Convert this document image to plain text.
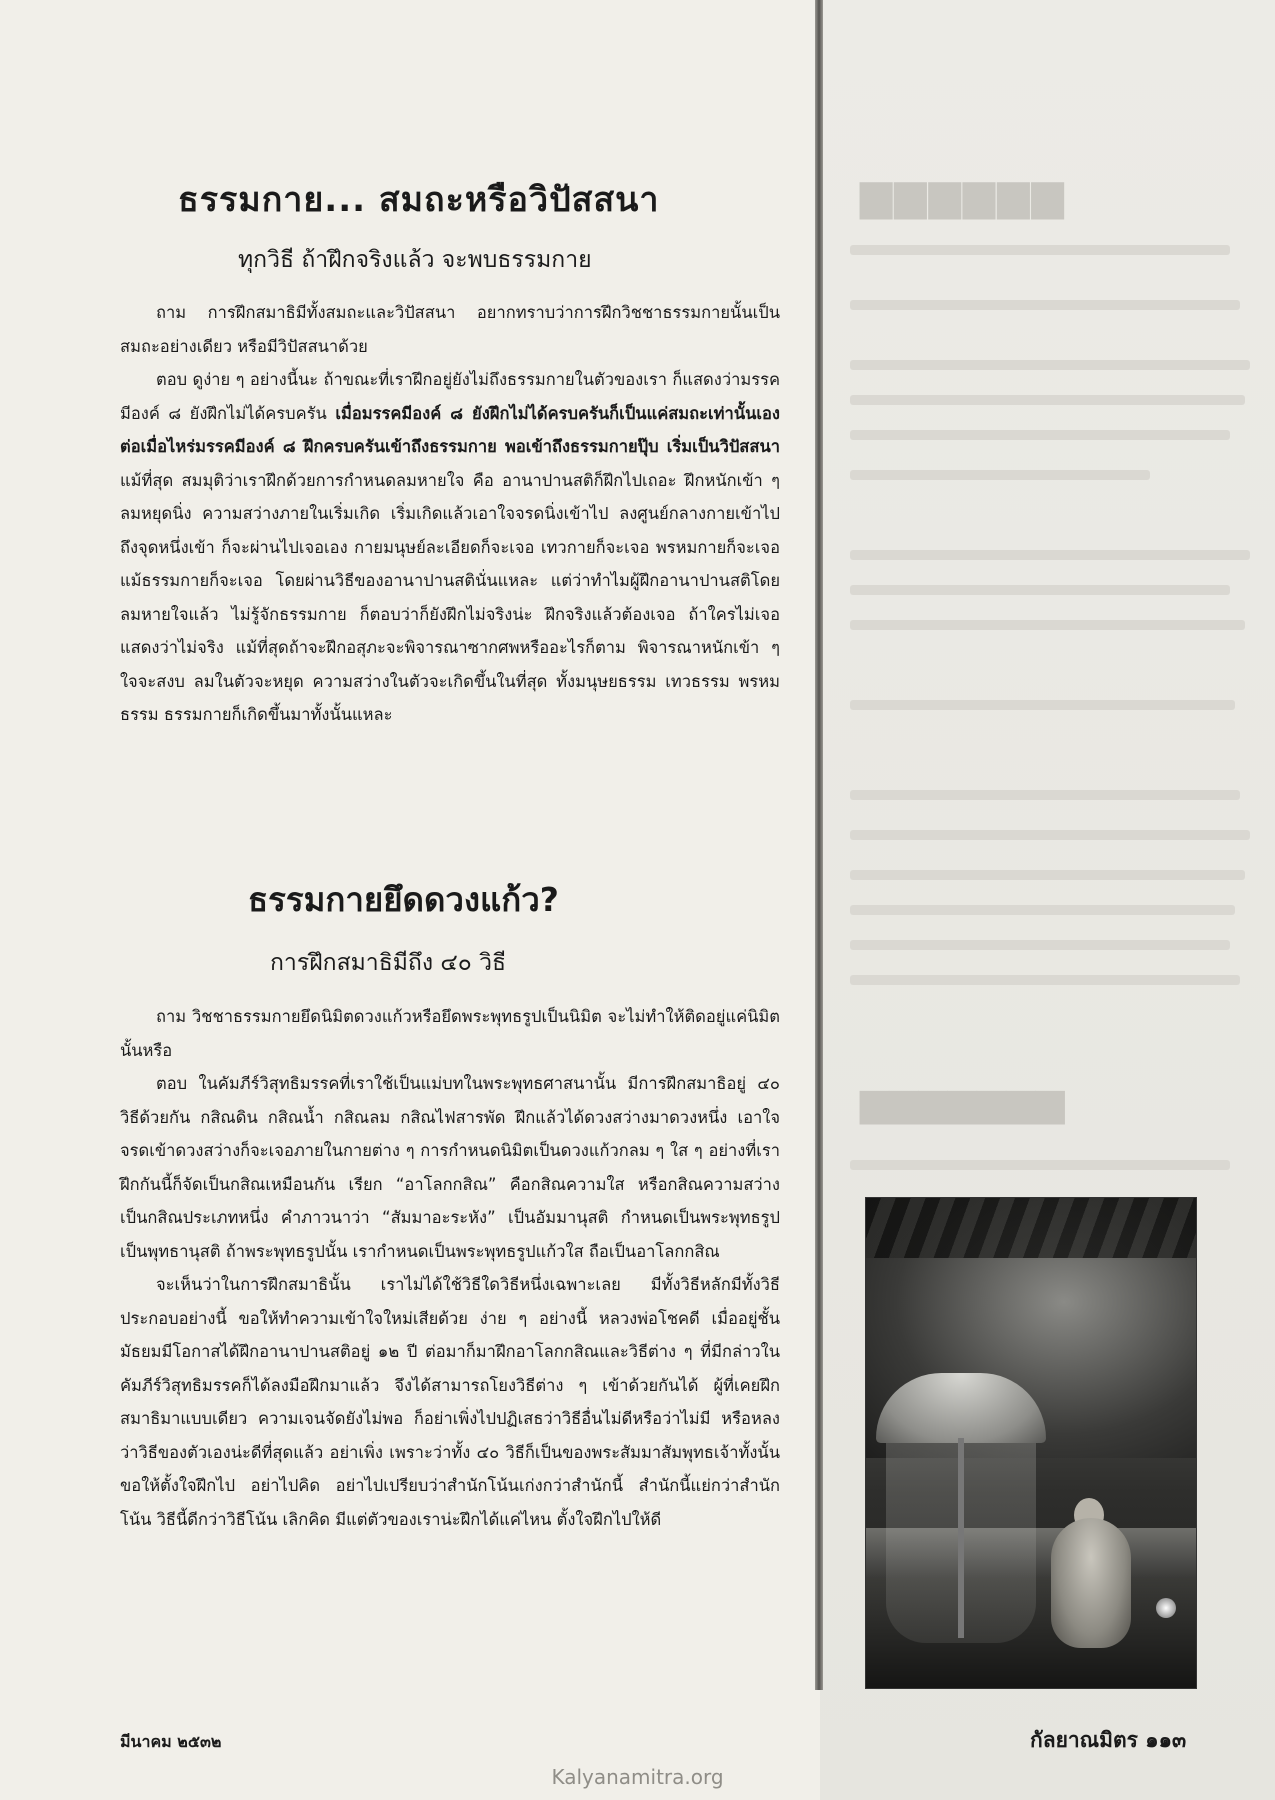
▆▆▆▆▆▆
▆▆▆▆▆▆▆
ธรรมกาย... สมถะหรือวิปัสสนา
ทุกวิธี ถ้าฝึกจริงแล้ว จะพบธรรมกาย

ถาม การฝึกสมาธิมีทั้งสมถะและวิปัสสนา อยากทราบว่าการฝึกวิชชาธรรมกายนั้นเป็นสมถะอย่างเดียว หรือมีวิปัสสนาด้วย

ตอบ ดูง่าย ๆ อย่างนี้นะ ถ้าขณะที่เราฝึกอยู่ยังไม่ถึงธรรมกายในตัวของเรา ก็แสดงว่ามรรคมีองค์ ๘ ยังฝึกไม่ได้ครบครัน เมื่อมรรคมีองค์ ๘ ยังฝึกไม่ได้ครบครันก็เป็นแค่สมถะเท่านั้นเอง ต่อเมื่อไหร่มรรคมีองค์ ๘ ฝึกครบครันเข้าถึงธรรมกาย พอเข้าถึงธรรมกายปุ๊บ เริ่มเป็นวิปัสสนา แม้ที่สุด สมมุติว่าเราฝึกด้วยการกำหนดลมหายใจ คือ อานาปานสติก็ฝึกไปเถอะ ฝึกหนักเข้า ๆ ลมหยุดนิ่ง ความสว่างภายในเริ่มเกิด เริ่มเกิดแล้วเอาใจจรดนิ่งเข้าไป ลงศูนย์กลางกายเข้าไปถึงจุดหนึ่งเข้า ก็จะผ่านไปเจอเอง กายมนุษย์ละเอียดก็จะเจอ เทวกายก็จะเจอ พรหมกายก็จะเจอ แม้ธรรมกายก็จะเจอ โดยผ่านวิธีของอานาปานสตินั่นแหละ แต่ว่าทำไมผู้ฝึกอานาปานสติโดยลมหายใจแล้ว ไม่รู้จักธรรมกาย ก็ตอบว่าก็ยังฝึกไม่จริงน่ะ ฝึกจริงแล้วต้องเจอ ถ้าใครไม่เจอ แสดงว่าไม่จริง แม้ที่สุดถ้าจะฝึกอสุภะจะพิจารณาซากศพหรืออะไรก็ตาม พิจารณาหนักเข้า ๆ ใจจะสงบ ลมในตัวจะหยุด ความสว่างในตัวจะเกิดขึ้นในที่สุด ทั้งมนุษยธรรม เทวธรรม พรหมธรรม ธรรมกายก็เกิดขึ้นมาทั้งนั้นแหละ

ธรรมกายยึดดวงแก้ว?
การฝึกสมาธิมีถึง ๔๐ วิธี

ถาม วิชชาธรรมกายยึดนิมิตดวงแก้วหรือยึดพระพุทธรูปเป็นนิมิต จะไม่ทำให้ติดอยู่แค่นิมิตนั้นหรือ

ตอบ ในคัมภีร์วิสุทธิมรรคที่เราใช้เป็นแม่บทในพระพุทธศาสนานั้น มีการฝึกสมาธิอยู่ ๔๐ วิธีด้วยกัน กสิณดิน กสิณน้ำ กสิณลม กสิณไฟสารพัด ฝึกแล้วได้ดวงสว่างมาดวงหนึ่ง เอาใจจรดเข้าดวงสว่างก็จะเจอภายในกายต่าง ๆ การกำหนดนิมิตเป็นดวงแก้วกลม ๆ ใส ๆ อย่างที่เราฝึกกันนี้ก็จัดเป็นกสิณเหมือนกัน เรียก “อาโลกกสิณ” คือกสิณความใส หรือกสิณความสว่าง เป็นกสิณประเภทหนึ่ง คำภาวนาว่า “สัมมาอะระหัง” เป็นอัมมานุสติ กำหนดเป็นพระพุทธรูป เป็นพุทธานุสติ ถ้าพระพุทธรูปนั้น เรากำหนดเป็นพระพุทธรูปแก้วใส ถือเป็นอาโลกกสิณ

จะเห็นว่าในการฝึกสมาธินั้น เราไม่ได้ใช้วิธีใดวิธีหนึ่งเฉพาะเลย มีทั้งวิธีหลักมีทั้งวิธีประกอบอย่างนี้ ขอให้ทำความเข้าใจใหม่เสียด้วย ง่าย ๆ อย่างนี้ หลวงพ่อโชคดี เมื่ออยู่ชั้นมัธยมมีโอกาสได้ฝึกอานาปานสติอยู่ ๑๒ ปี ต่อมาก็มาฝึกอาโลกกสิณและวิธีต่าง ๆ ที่มีกล่าวในคัมภีร์วิสุทธิมรรคก็ได้ลงมือฝึกมาแล้ว จึงได้สามารถโยงวิธีต่าง ๆ เข้าด้วยกันได้ ผู้ที่เคยฝึกสมาธิมาแบบเดียว ความเจนจัดยังไม่พอ ก็อย่าเพิ่งไปปฏิเสธว่าวิธีอื่นไม่ดีหรือว่าไม่มี หรือหลงว่าวิธีของตัวเองน่ะดีที่สุดแล้ว อย่าเพิ่ง เพราะว่าทั้ง ๔๐ วิธีก็เป็นของพระสัมมาสัมพุทธเจ้าทั้งนั้น ขอให้ตั้งใจฝึกไป อย่าไปคิด อย่าไปเปรียบว่าสำนักโน้นเก่งกว่าสำนักนี้ สำนักนี้แย่กว่าสำนักโน้น วิธีนี้ดีกว่าวิธีโน้น เลิกคิด มีแต่ตัวของเราน่ะฝึกได้แค่ไหน ตั้งใจฝึกไปให้ดี

มีนาคม ๒๕๓๒	กัลยาณมิตร ๑๑๓
Kalyanamitra.org
